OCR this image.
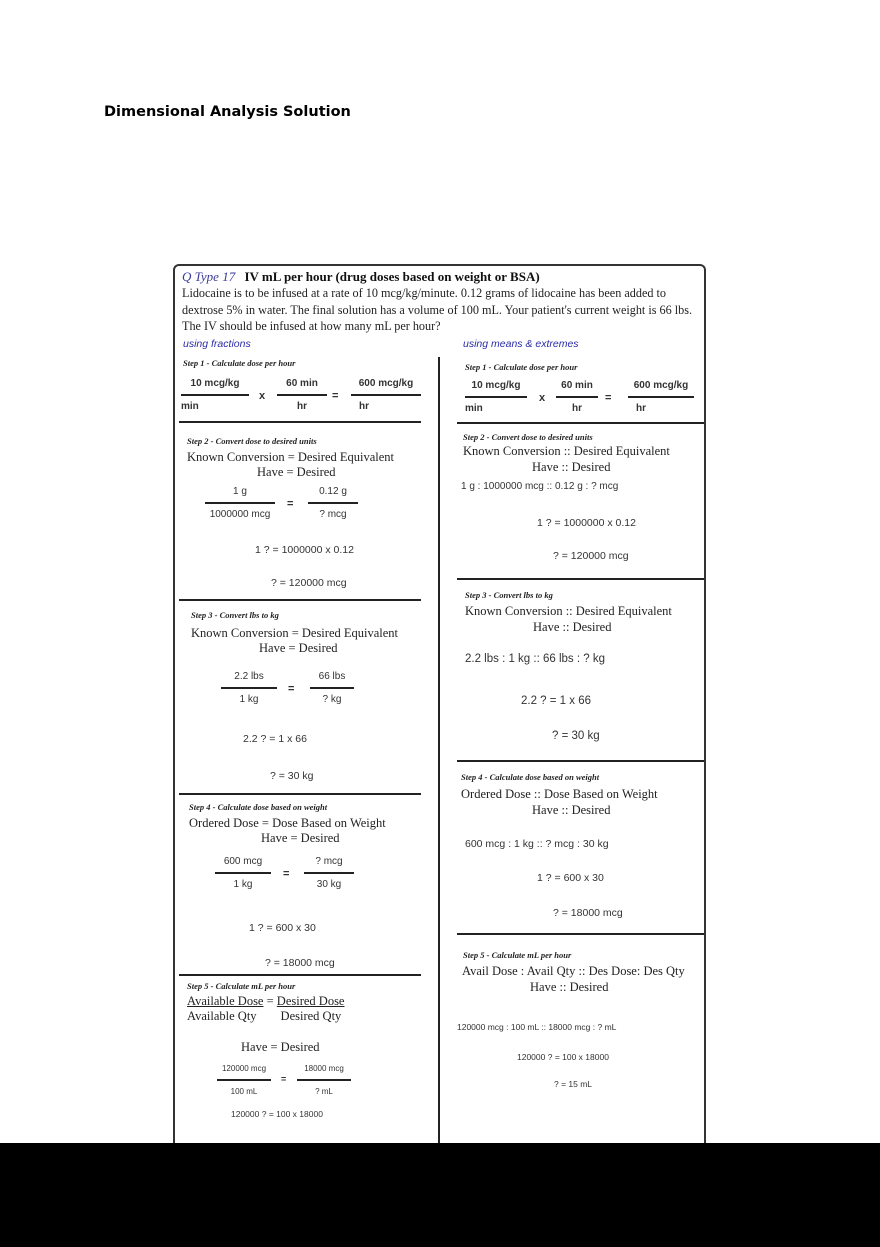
Dimensional Analysis Solution
Q Type 17 IV mL per hour (drug doses based on weight or BSA)
Lidocaine is to be infused at a rate of 10 mcg/kg/minute. 0.12 grams of lidocaine has been added to dextrose 5% in water. The final solution has a volume of 100 mL. Your patient's current weight is 66 lbs. The IV should be infused at how many mL per hour?
using fractions	using means & extremes
Step 1 - Calculate dose per hour
10 mcg/kg
min
x
60 min
hr
=
600 mcg/kg
hr
Step 2 - Convert dose to desired units
Known Conversion = Desired Equivalent
Have = Desired
1 g
1000000 mcg
=
0.12 g
? mcg
1 ? = 1000000 x 0.12
? = 120000 mcg
Step 3 - Convert lbs to kg
Known Conversion = Desired Equivalent
Have = Desired
2.2 lbs
1 kg
=
66 lbs
? kg
2.2 ? = 1 x 66
? = 30 kg
Step 4 - Calculate dose based on weight
Ordered Dose = Dose Based on Weight
Have = Desired
600 mcg
1 kg
=
? mcg
30 kg
1 ? = 600 x 30
? = 18000 mcg
Step 5 - Calculate mL per hour
Available Dose = Desired Dose
Available Qty Desired Qty
Have = Desired
120000 mcg
100 mL
=
18000 mcg
? mL
120000 ? = 100 x 18000
Step 1 - Calculate dose per hour
10 mcg/kg
min
x
60 min
hr
=
600 mcg/kg
hr
Step 2 - Convert dose to desired units
Known Conversion :: Desired Equivalent
Have :: Desired
1 g : 1000000 mcg :: 0.12 g : ? mcg
1 ? = 1000000 x 0.12
? = 120000 mcg
Step 3 - Convert lbs to kg
Known Conversion :: Desired Equivalent
Have :: Desired
2.2 lbs : 1 kg :: 66 lbs : ? kg
2.2 ? = 1 x 66
? = 30 kg
Step 4 - Calculate dose based on weight
Ordered Dose :: Dose Based on Weight
Have :: Desired
600 mcg : 1 kg :: ? mcg : 30 kg
1 ? = 600 x 30
? = 18000 mcg
Step 5 - Calculate mL per hour
Avail Dose : Avail Qty :: Des Dose: Des Qty
Have :: Desired
120000 mcg : 100 mL :: 18000 mcg : ? mL
120000 ? = 100 x 18000
? = 15 mL
